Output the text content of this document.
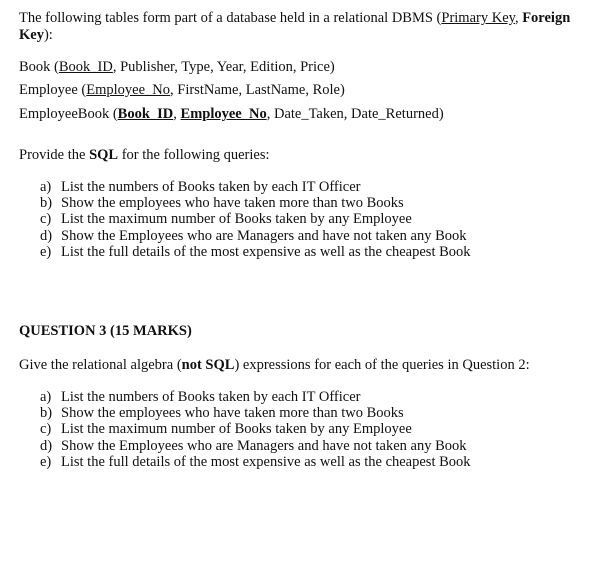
The following tables form part of a database held in a relational DBMS (Primary Key, Foreign
Key):
Book (Book_ID, Publisher, Type, Year, Edition, Price)
Employee (Employee_No, FirstName, LastName, Role)
EmployeeBook (Book_ID, Employee_No, Date_Taken, Date_Returned)
Provide the SQL for the following queries:
a) List the numbers of Books taken by each IT Officer
b) Show the employees who have taken more than two Books
c) List the maximum number of Books taken by any Employee
d) Show the Employees who are Managers and have not taken any Book
e) List the full details of the most expensive as well as the cheapest Book
QUESTION 3 (15 MARKS)
Give the relational algebra (not SQL) expressions for each of the queries in Question 2:
a) List the numbers of Books taken by each IT Officer
b) Show the employees who have taken more than two Books
c) List the maximum number of Books taken by any Employee
d) Show the Employees who are Managers and have not taken any Book
e) List the full details of the most expensive as well as the cheapest Book
